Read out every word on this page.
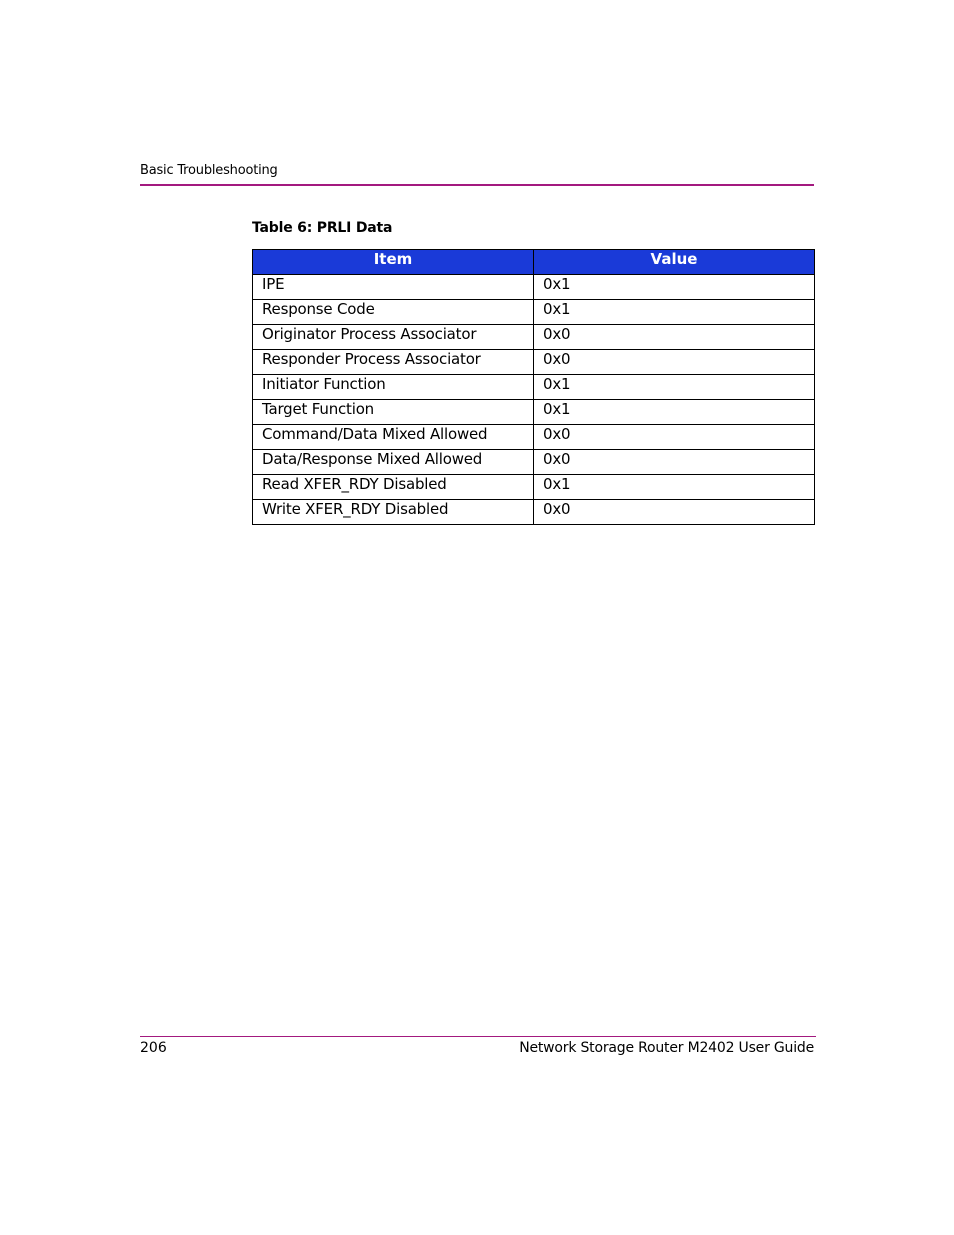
Basic Troubleshooting
Table 6: PRLI Data
Item	Value
IPE	0x1
Response Code	0x1
Originator Process Associator	0x0
Responder Process Associator	0x0
Initiator Function	0x1
Target Function	0x1
Command/Data Mixed Allowed	0x0
Data/Response Mixed Allowed	0x0
Read XFER_RDY Disabled	0x1
Write XFER_RDY Disabled	0x0
206	Network Storage Router M2402 User Guide
